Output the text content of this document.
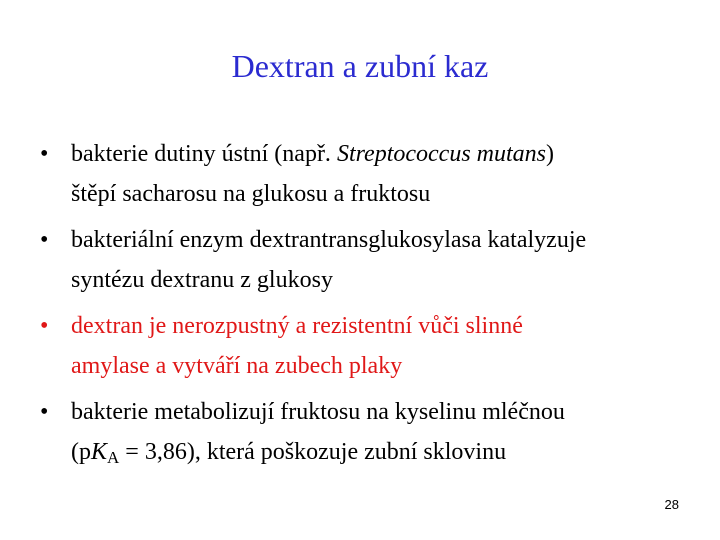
Dextran a zubní kaz
•
bakterie dutiny ústní (např. Streptococcus mutans)
štěpí sacharosu na glukosu a fruktosu
•
bakteriální enzym dextrantransglukosylasa katalyzuje
syntézu dextranu z glukosy
•
dextran je nerozpustný a rezistentní vůči slinné
amylase a vytváří na zubech plaky
•
bakterie metabolizují fruktosu na kyselinu mléčnou
$(pK_A = 3,86)$, která poškozuje zubní sklovinu
28
